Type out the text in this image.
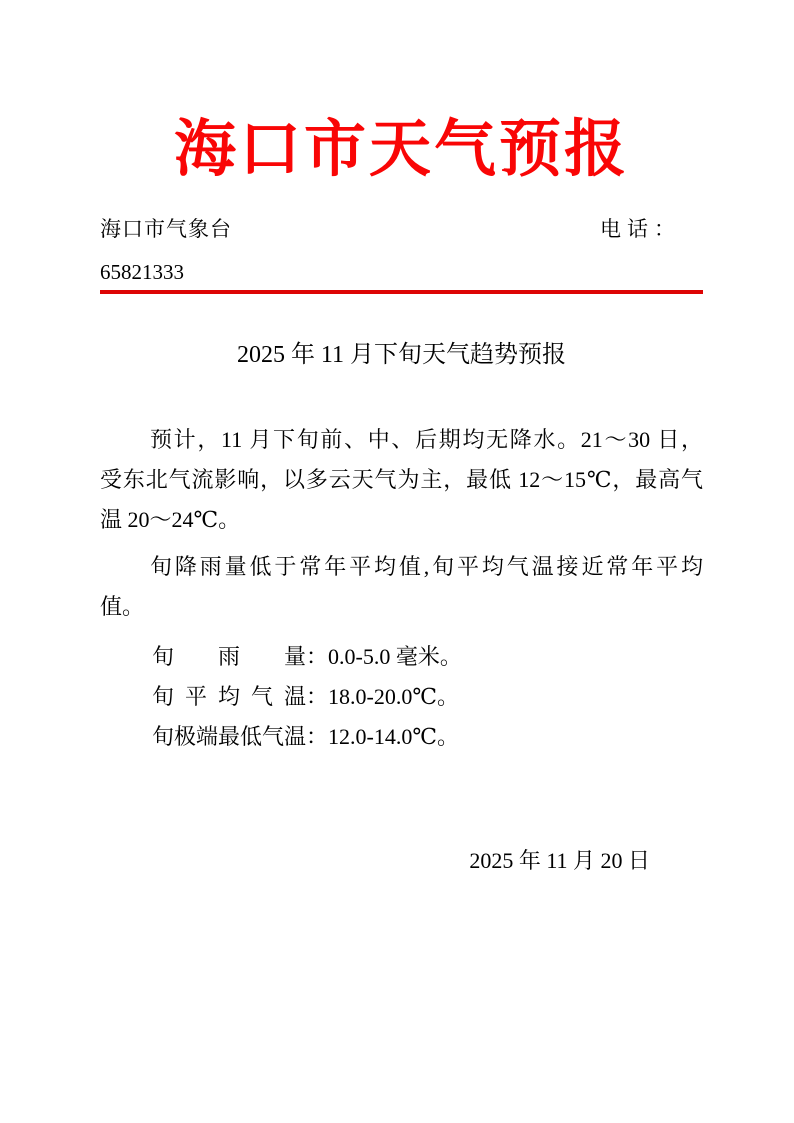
海口市天气预报
海口市气象台	电话：
65821333
2025 年 11 月下旬天气趋势预报
预计，11 月下旬前、中、后期均无降水。21～30 日，
受东北气流影响，以多云天气为主，最低 12～15℃，最高气
温 20～24℃。
旬降雨量低于常年平均值,旬平均气温接近常年平均
值。
旬雨量：0.0-5.0 毫米。
旬平均气温：18.0-20.0℃。
旬极端最低气温：12.0-14.0℃。
2025 年 11 月 20 日
